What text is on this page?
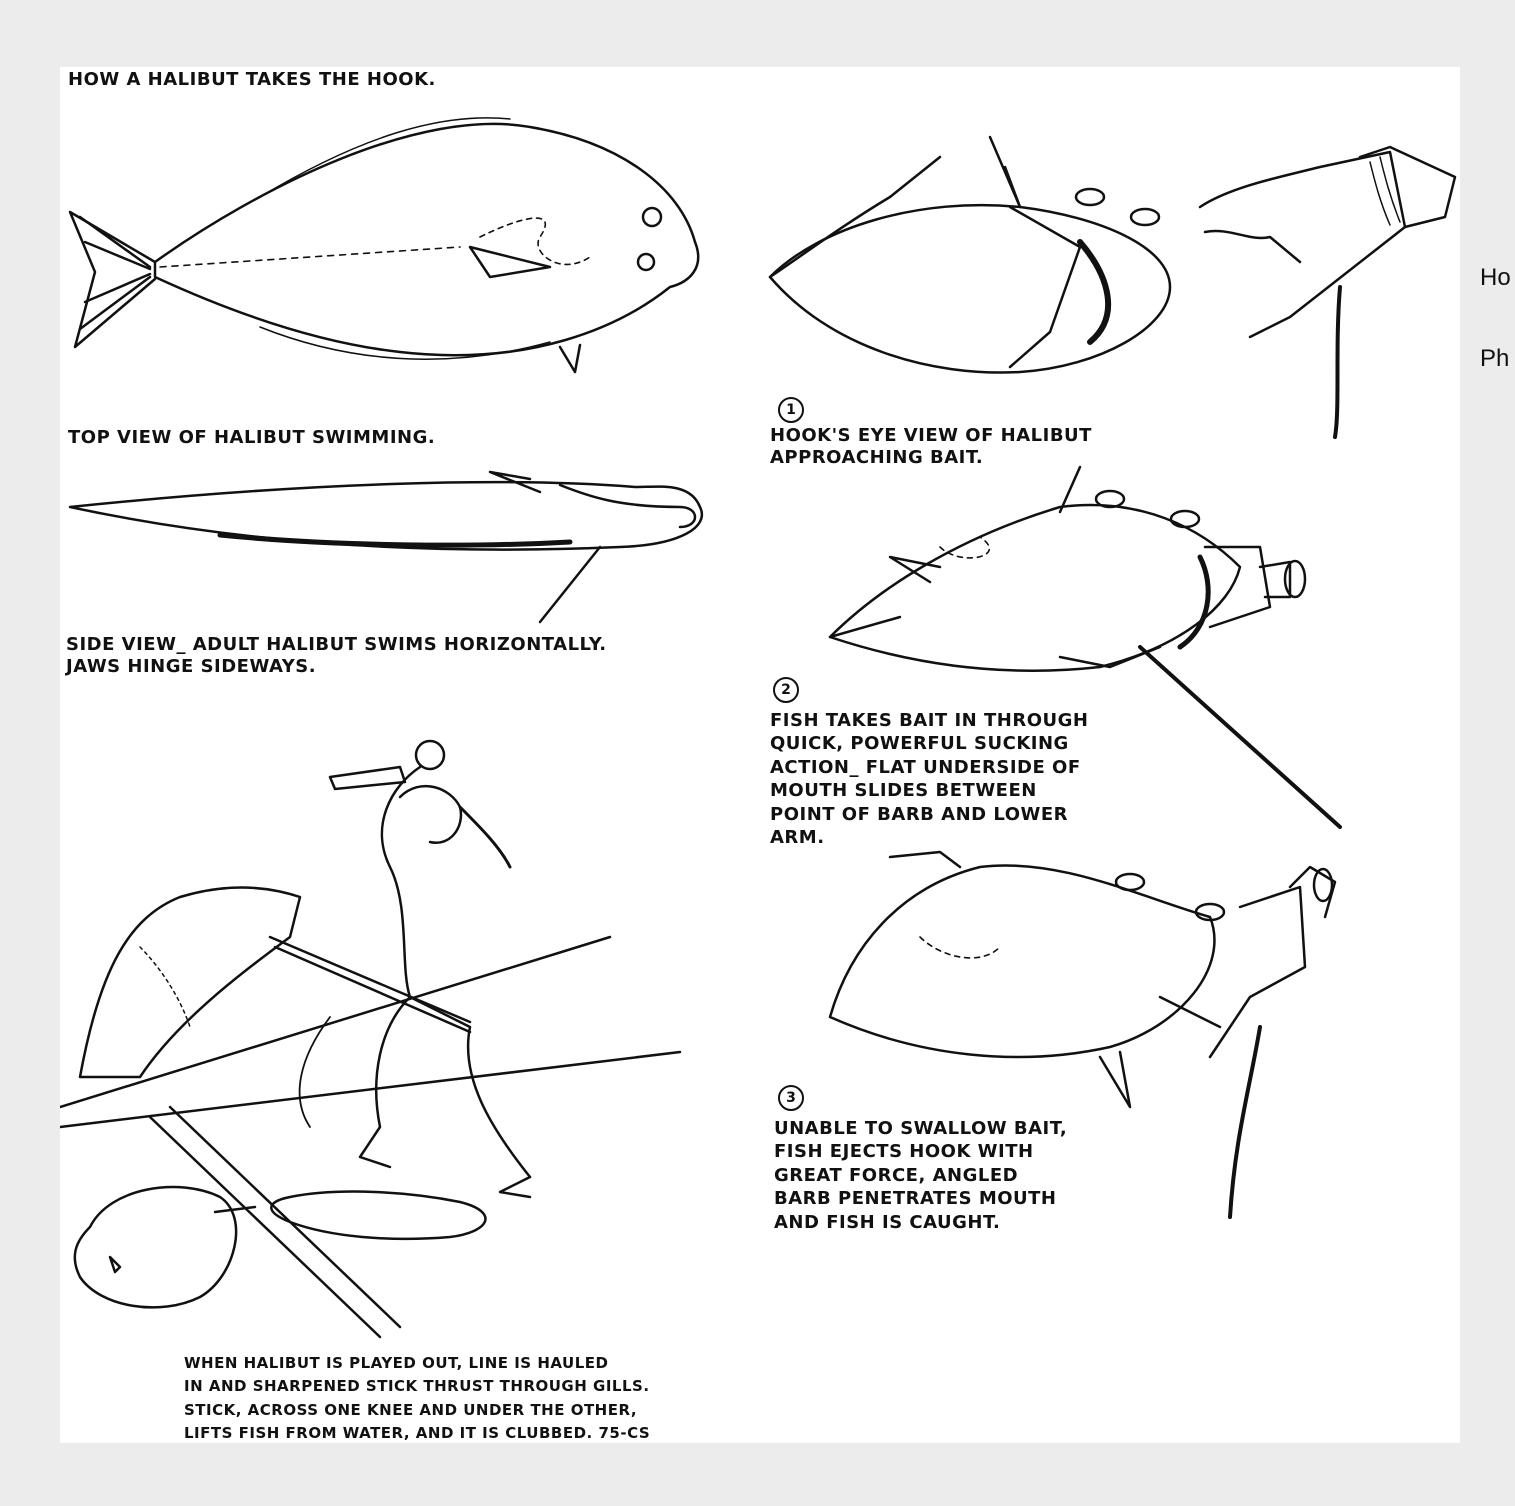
HOW A HALIBUT TAKES THE HOOK.
TOP VIEW OF HALIBUT SWIMMING.
SIDE VIEW_ ADULT HALIBUT SWIMS HORIZONTALLY.
JAWS HINGE SIDEWAYS.
1
HOOK'S EYE VIEW OF HALIBUT
APPROACHING BAIT.
2
FISH TAKES BAIT IN THROUGH
QUICK, POWERFUL SUCKING
ACTION_ FLAT UNDERSIDE OF
MOUTH SLIDES BETWEEN
POINT OF BARB AND LOWER
ARM.
3
UNABLE TO SWALLOW BAIT,
FISH EJECTS HOOK WITH
GREAT FORCE, ANGLED
BARB PENETRATES MOUTH
AND FISH IS CAUGHT.
WHEN HALIBUT IS PLAYED OUT, LINE IS HAULED
IN AND SHARPENED STICK THRUST THROUGH GILLS.
STICK, ACROSS ONE KNEE AND UNDER THE OTHER,
LIFTS FISH FROM WATER, AND IT IS CLUBBED. 75-CS
Ho
Ph
